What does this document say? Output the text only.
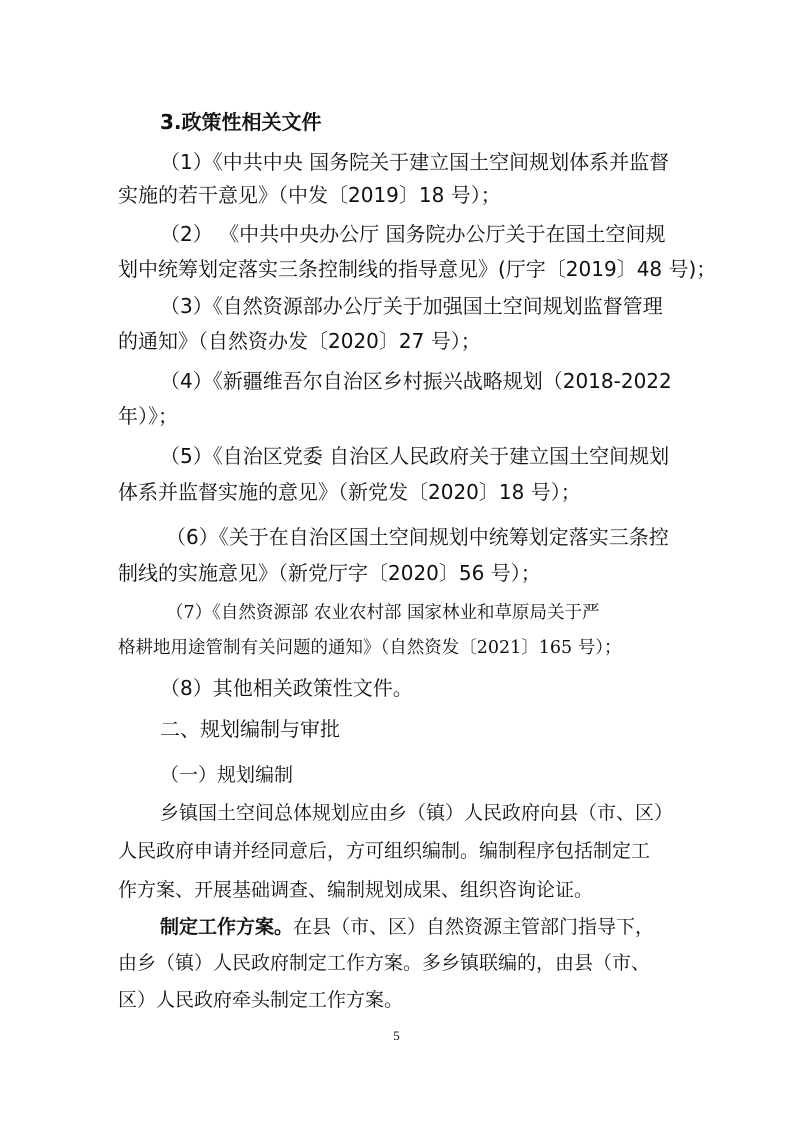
3.政策性相关文件
（1）《中共中央 国务院关于建立国土空间规划体系并监督
实施的若干意见》（中发〔2019〕18 号）；
（2） 《中共中央办公厅 国务院办公厅关于在国土空间规
划中统筹划定落实三条控制线的指导意见》(厅字〔2019〕48 号)；
（3）《自然资源部办公厅关于加强国土空间规划监督管理
的通知》（自然资办发〔2020〕27 号）；
（4）《新疆维吾尔自治区乡村振兴战略规划（2018-2022
年）》；
（5）《自治区党委 自治区人民政府关于建立国土空间规划
体系并监督实施的意见》（新党发〔2020〕18 号）；
（6）《关于在自治区国土空间规划中统筹划定落实三条控
制线的实施意见》（新党厅字〔2020〕56 号）；
（7）《自然资源部 农业农村部 国家林业和草原局关于严
格耕地用途管制有关问题的通知》（自然资发〔2021〕165 号）；
（8）其他相关政策性文件。
二、规划编制与审批
（一）规划编制
乡镇国土空间总体规划应由乡（镇）人民政府向县（市、区）
人民政府申请并经同意后，方可组织编制。编制程序包括制定工
作方案、开展基础调查、编制规划成果、组织咨询论证。
制定工作方案。在县（市、区）自然资源主管部门指导下，
由乡（镇）人民政府制定工作方案。多乡镇联编的，由县（市、
区）人民政府牵头制定工作方案。
5
